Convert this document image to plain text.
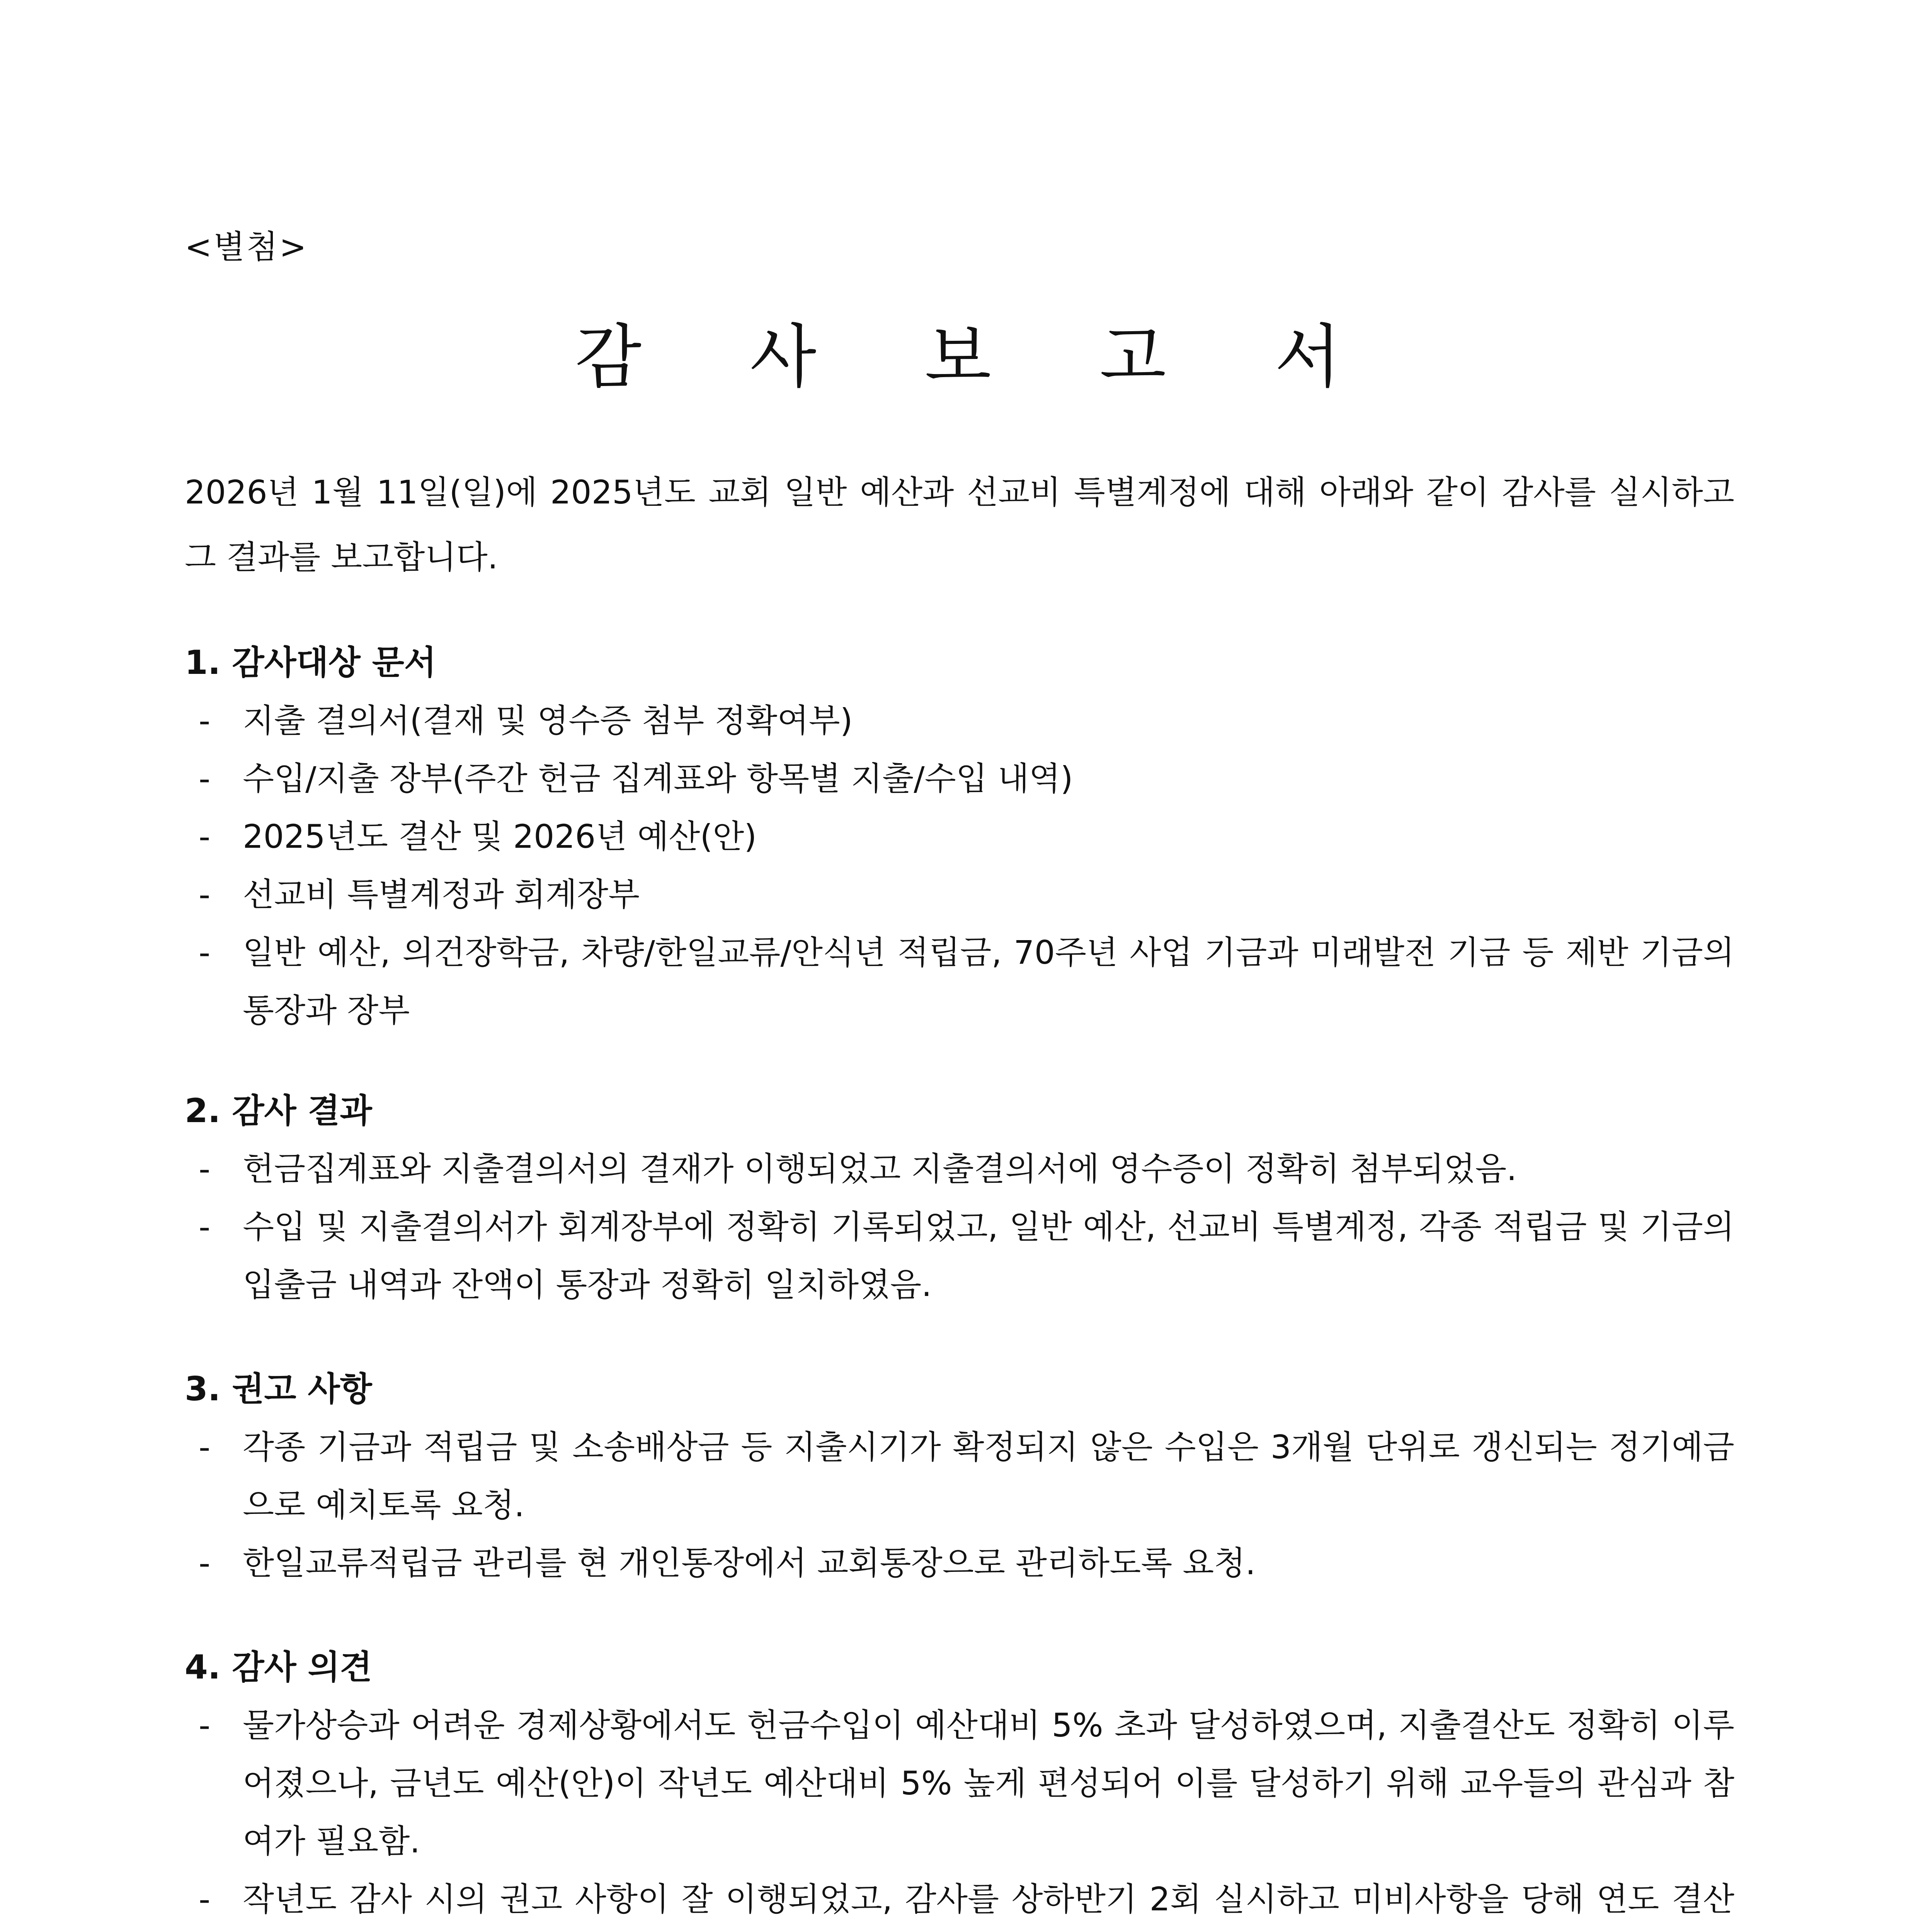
<별첨>
감 사 보 고 서
2026년 1월 11일(일)에 2025년도 교회 일반 예산과 선교비 특별계정에 대해 아래와 같이 감사를 실시하고 그 결과를 보고합니다.
1. 감사대상 문서
- 지출 결의서(결재 및 영수증 첨부 정확여부)
- 수입/지출 장부(주간 헌금 집계표와 항목별 지출/수입 내역)
- 2025년도 결산 및 2026년 예산(안)
- 선교비 특별계정과 회계장부
- 일반 예산, 의건장학금, 차량/한일교류/안식년 적립금, 70주년 사업 기금과 미래발전 기금 등 제반 기금의 통장과 장부
2. 감사 결과
- 헌금집계표와 지출결의서의 결재가 이행되었고 지출결의서에 영수증이 정확히 첨부되었음.
- 수입 및 지출결의서가 회계장부에 정확히 기록되었고, 일반 예산, 선교비 특별계정, 각종 적립금 및 기금의 입출금 내역과 잔액이 통장과 정확히 일치하였음.
3. 권고 사항
- 각종 기금과 적립금 및 소송배상금 등 지출시기가 확정되지 않은 수입은 3개월 단위로 갱신되는 정기예금으로 예치토록 요청.
- 한일교류적립금 관리를 현 개인통장에서 교회통장으로 관리하도록 요청.
4. 감사 의견
- 물가상승과 어려운 경제상황에서도 헌금수입이 예산대비 5% 초과 달성하였으며, 지출결산도 정확히 이루어졌으나, 금년도 예산(안)이 작년도 예산대비 5% 높게 편성되어 이를 달성하기 위해 교우들의 관심과 참여가 필요함.
- 작년도 감사 시의 권고 사항이 잘 이행되었고, 감사를 상하반기 2회 실시하고 미비사항을 당해 연도 결산
